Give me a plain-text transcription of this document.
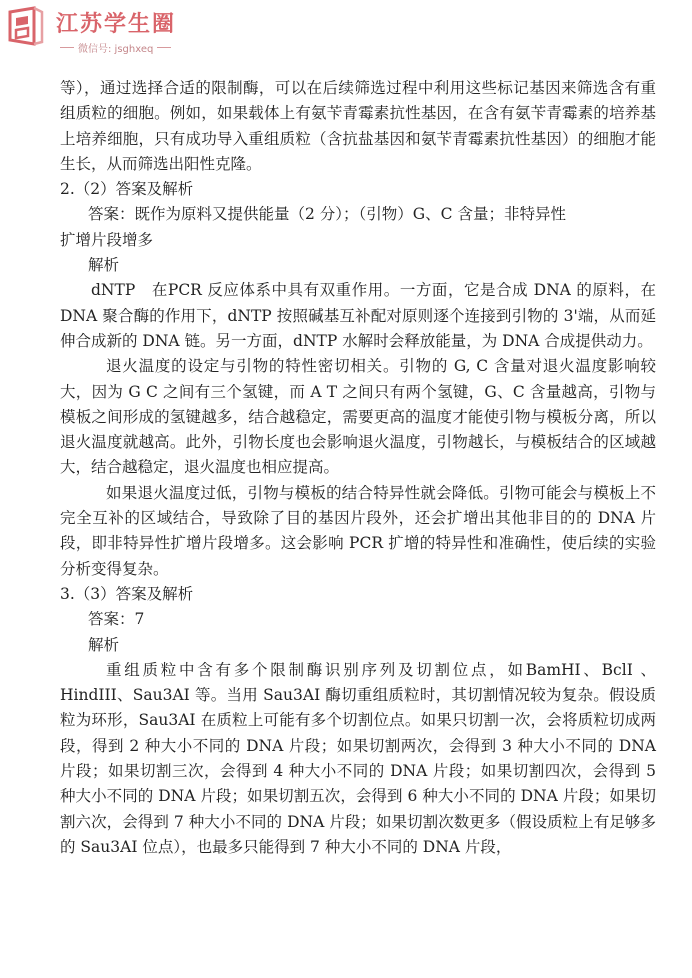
江苏学生圈
微信号: jsghxeq

等），通过选择合适的限制酶，可以在后续筛选过程中利用这些标记基因来筛选含有重组质粒的细胞。例如，如果载体上有氨苄青霉素抗性基因，在含有氨苄青霉素的培养基上培养细胞，只有成功导入重组质粒（含抗盐基因和氨苄青霉素抗性基因）的细胞才能生长，从而筛选出阳性克隆。

2.（2）答案及解析

答案：既作为原料又提供能量（2 分）；（引物）G、C 含量；非特异性

扩增片段增多

解析

dNTP　在PCR 反应体系中具有双重作用。一方面，它是合成 DNA 的原料，在 DNA 聚合酶的作用下，dNTP 按照碱基互补配对原则逐个连接到引物的 3'端，从而延伸合成新的 DNA 链。另一方面，dNTP 水解时会释放能量，为 DNA 合成提供动力。

退火温度的设定与引物的特性密切相关。引物的 G, C 含量对退火温度影响较大，因为 G C 之间有三个氢键，而 A T 之间只有两个氢键，G、C 含量越高，引物与模板之间形成的氢键越多，结合越稳定，需要更高的温度才能使引物与模板分离，所以退火温度就越高。此外，引物长度也会影响退火温度，引物越长，与模板结合的区域越大，结合越稳定，退火温度也相应提高。

如果退火温度过低，引物与模板的结合特异性就会降低。引物可能会与模板上不完全互补的区域结合，导致除了目的基因片段外，还会扩增出其他非目的的 DNA 片段，即非特异性扩增片段增多。这会影响 PCR 扩增的特异性和准确性，使后续的实验分析变得复杂。

3.（3）答案及解析

答案：7

解析

重组质粒中含有多个限制酶识别序列及切割位点，如BamHI、BclI 、HindIII、Sau3AI 等。当用 Sau3AI 酶切重组质粒时，其切割情况较为复杂。假设质粒为环形，Sau3AI 在质粒上可能有多个切割位点。如果只切割一次，会将质粒切成两段，得到 2 种大小不同的 DNA 片段；如果切割两次，会得到 3 种大小不同的 DNA 片段；如果切割三次，会得到 4 种大小不同的 DNA 片段；如果切割四次，会得到 5 种大小不同的 DNA 片段；如果切割五次，会得到 6 种大小不同的 DNA 片段；如果切割六次，会得到 7 种大小不同的 DNA 片段；如果切割次数更多（假设质粒上有足够多的 Sau3AI 位点），也最多只能得到 7 种大小不同的 DNA 片段，
